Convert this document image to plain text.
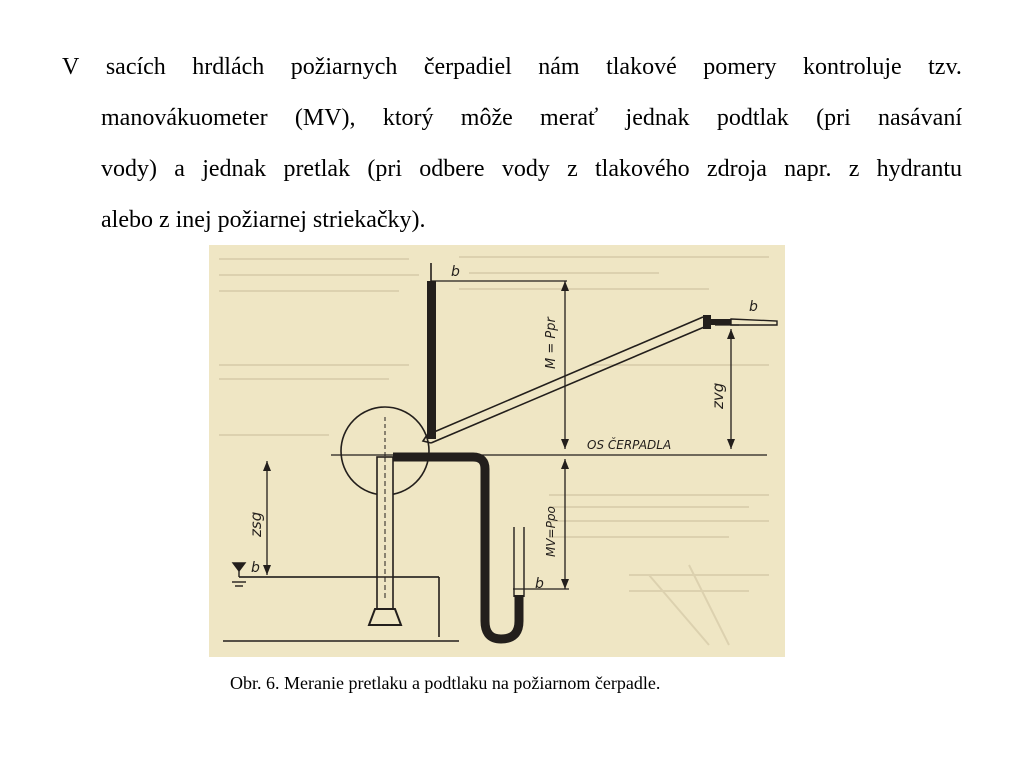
V sacích hrdlách požiarnych čerpadiel nám tlakové pomery kontroluje tzv.
manovákuometer (MV), ktorý môže merať jednak podtlak (pri nasávaní
vody) a jednak pretlak (pri odbere vody z tlakového zdroja napr. z hydrantu
alebo z inej požiarnej striekačky).
b
b
b
b
M = Ppr
zvg
OS ČERPADLA
zsg	MV=Ppo
Obr. 6. Meranie pretlaku a podtlaku na požiarnom čerpadle.
